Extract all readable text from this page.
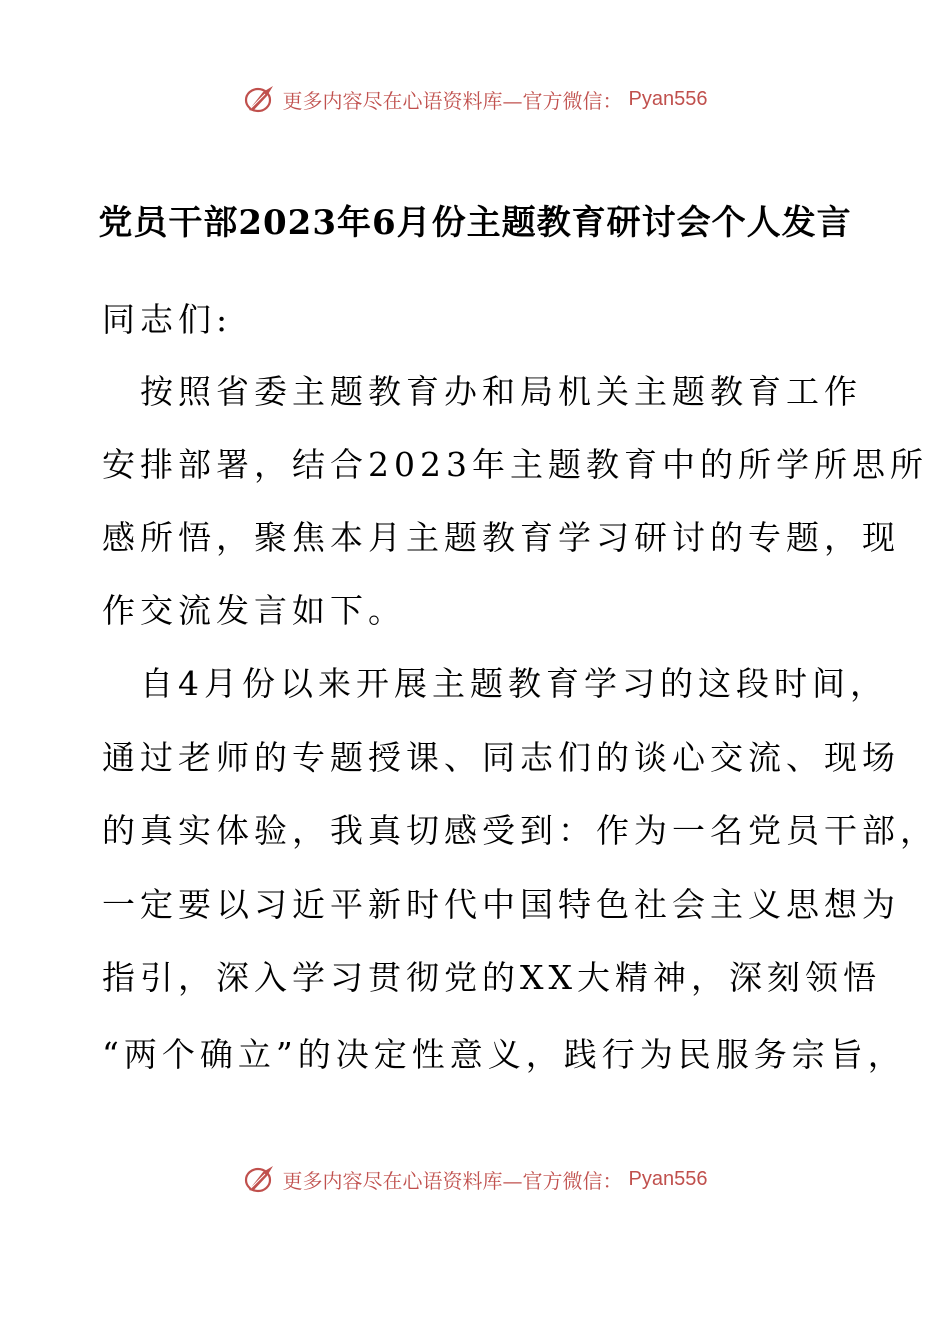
更多内容尽在心语资料库—官方微信： Pyan556
党员干部2023年6月份主题教育研讨会个人发言
同志们:
　按照省委主题教育办和局机关主题教育工作
安排部署，结合2023年主题教育中的所学所思所
感所悟，聚焦本月主题教育学习研讨的专题，现
作交流发言如下。
　自4月份以来开展主题教育学习的这段时间，
通过老师的专题授课、同志们的谈心交流、现场
的真实体验，我真切感受到：作为一名党员干部，
一定要以习近平新时代中国特色社会主义思想为
指引，深入学习贯彻党的XX大精神，深刻领悟
“两个确立”的决定性意义，践行为民服务宗旨，
更多内容尽在心语资料库—官方微信： Pyan556
